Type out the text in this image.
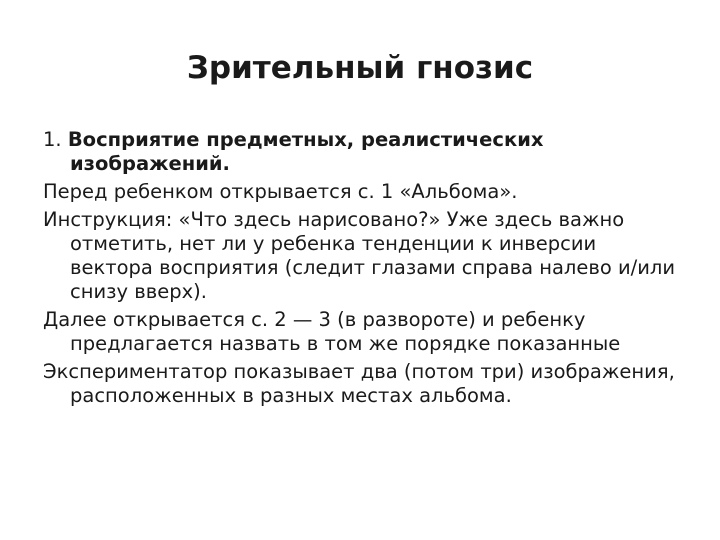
Зрительный гнозис

1. Восприятие предметных, реалистических изображений.

Перед ребенком открывается с. 1 «Альбома».

Инструкция: «Что здесь нарисовано?» Уже здесь важно отметить, нет ли у ребенка тенденции к инверсии вектора восприятия (следит глазами справа налево и/или снизу вверх).

Далее открывается с. 2 — 3 (в развороте) и ребенку предлагается назвать в том же порядке показанные

Экспериментатор показывает два (потом три) изображения, расположенных в разных местах альбома.
